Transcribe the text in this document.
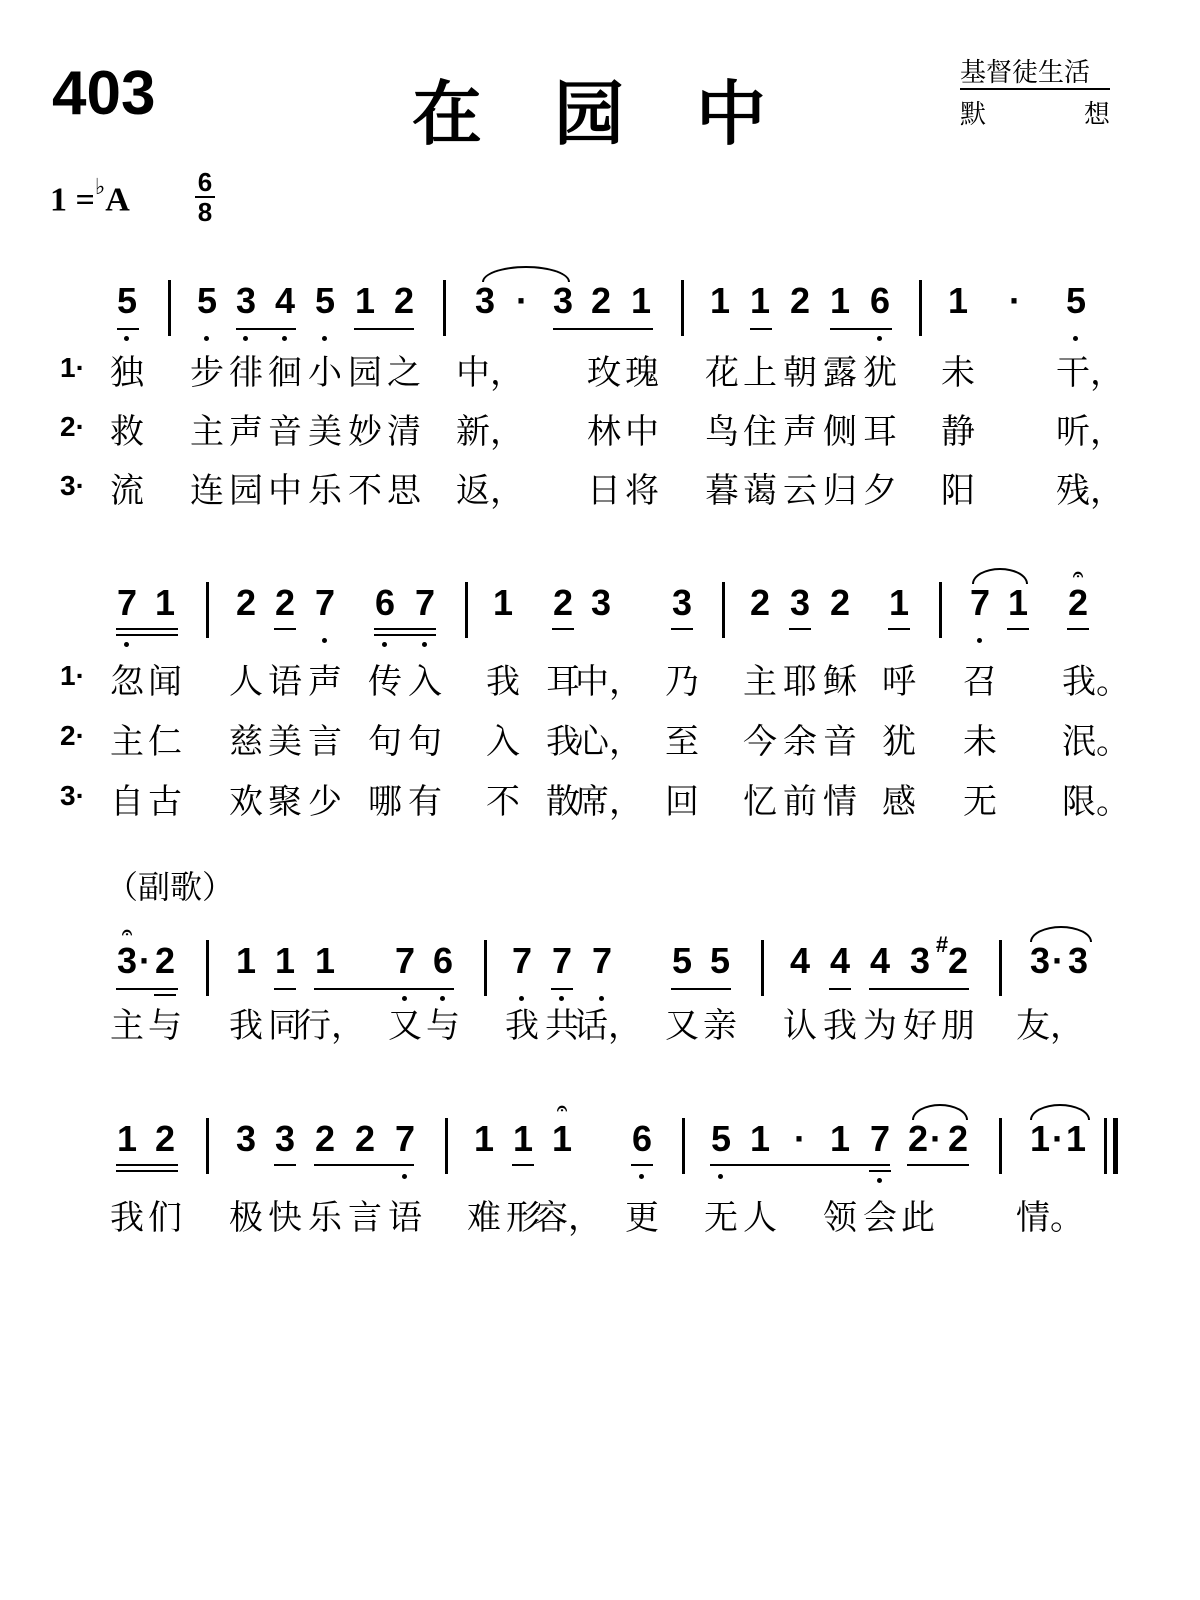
403	在园中	基督徒生活
默	想
1 =♭A	6
8
5 5 3 4 5 1 2 3 · 3 2 1 1 1 2 1 6 1 · 5
1·
2·
3·
独 步 徘 徊 小 园 之 中， 玫 瑰 花 上 朝 露 犹 未 干，
救 主 声 音 美 妙 清 新， 林 中 鸟 住 声 侧 耳 静 听，
流 连 园 中 乐 不 思 返， 日 将 暮 蔼 云 归 夕 阳 残，
7 1 2 2 7 6 7 1 2 3 3 2 3 2 1 7 1 2
𝄐
1·
2·
3·
忽 闻 人 语 声 传 入 我 耳
中， 乃 主 耶 稣 呼 召 我。
主 仁 慈 美 言 句 句 入 我
心， 至 今 余 音 犹 未 泯。
自 古 欢 聚 少 哪 有 不 散
席， 回 忆 前 情 感 无 限。
（副歌）
3 · 2 1 1 1 7 6 7 7 7 5 5 4 4 4 3 # 2 3 · 3
𝄐
主 与 我 同
行， 又 与 我 共
话， 又 亲 认 我 为 好 朋 友，
1 2 3 3 2 2 7 1 1 1 6 5 1 · 1 7 2 · 2 1 · 1
𝄐
我 们 极 快 乐 言 语 难 形
容， 更 无 人 领 会 此 情。
